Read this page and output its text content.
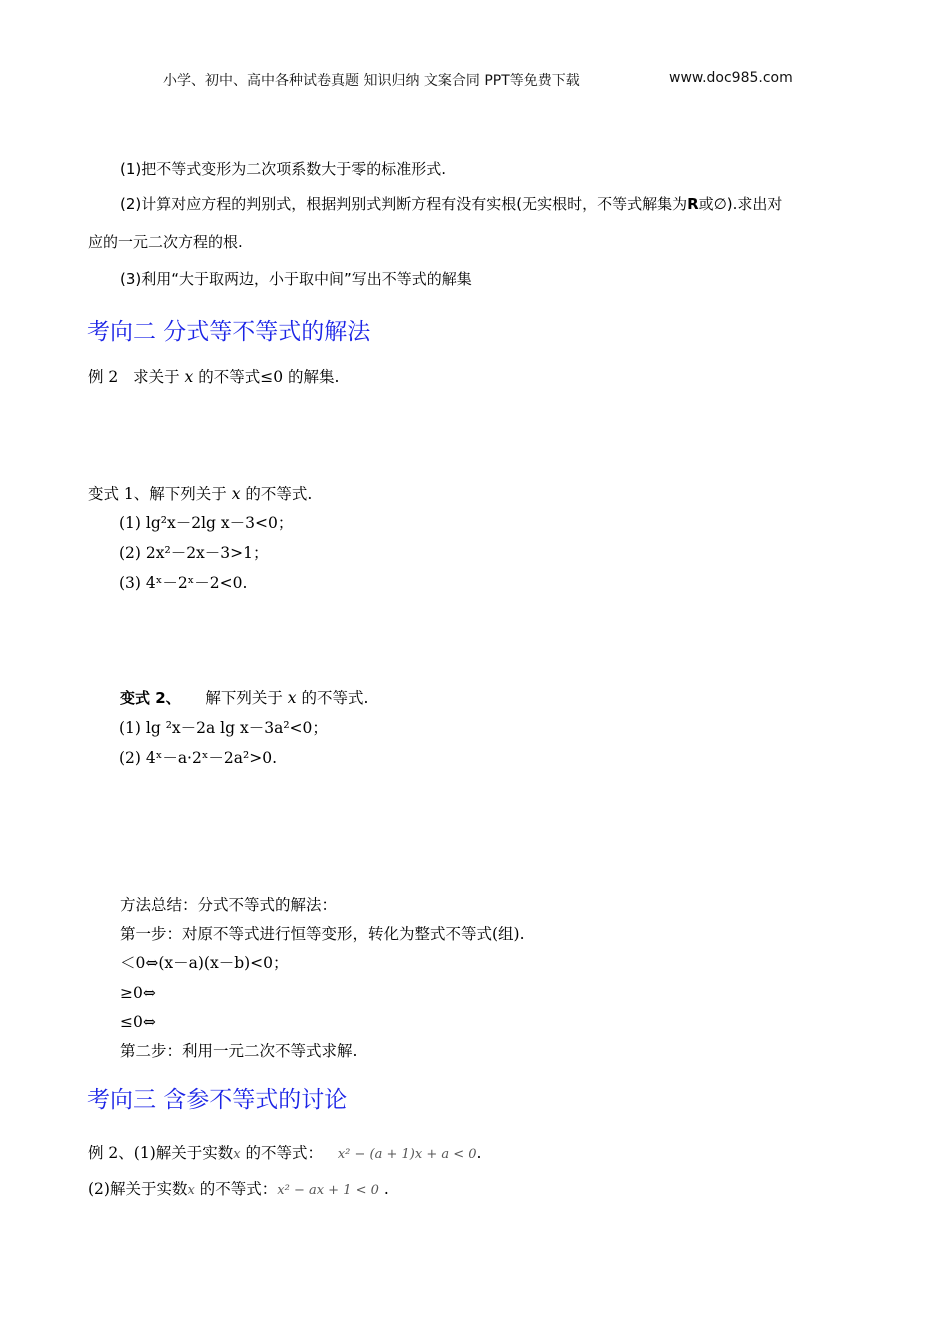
小学、初中、高中各种试卷真题 知识归纳 文案合同 PPT等免费下载	www.doc985.com
(1)把不等式变形为二次项系数大于零的标准形式.
(2)计算对应方程的判别式，根据判别式判断方程有没有实根(无实根时，不等式解集为R或∅).求出对
应的一元二次方程的根.
(3)利用“大于取两边，小于取中间”写出不等式的解集
考向二 分式等不等式的解法
例 2 求关于 x 的不等式≤0 的解集.
变式 1、解下列关于 x 的不等式.
(1) lg²x－2lg x－3<0；
(2) 2x²－2x－3>1；
(3) 4ˣ－2ˣ－2<0.
变式 2、 解下列关于 x 的不等式.
(1) lg ²x－2a lg x－3a²<0；
(2) 4ˣ－a·2ˣ－2a²>0.
方法总结：分式不等式的解法：
第一步：对原不等式进行恒等变形，转化为整式不等式(组).
＜0⇔(x－a)(x－b)<0；
≥0⇔
≤0⇔
第二步：利用一元二次不等式求解.
考向三 含参不等式的讨论
例 2、(1)解关于实数x 的不等式： x² − (a + 1)x + a < 0.
(2)解关于实数x 的不等式：x² − ax + 1 < 0 .
